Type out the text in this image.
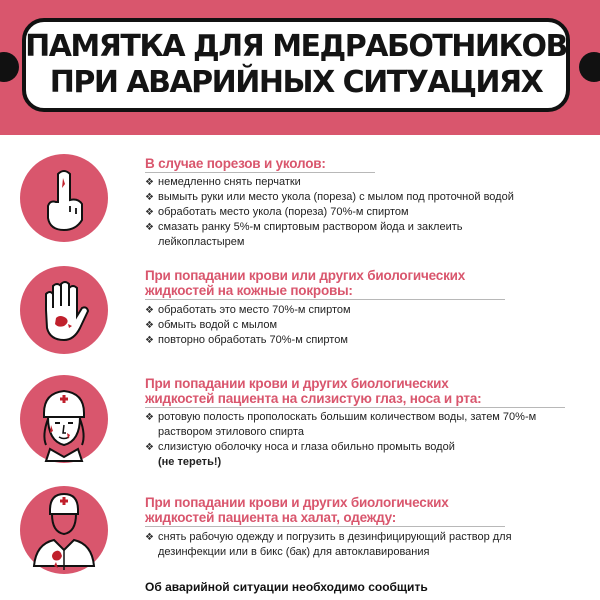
ПАМЯТКА ДЛЯ МЕДРАБОТНИКОВ
ПРИ АВАРИЙНЫХ СИТУАЦИЯХ
В случае порезов и уколов:
❖ немедленно снять перчатки
❖ вымыть руки или место укола (пореза) с мылом под проточной водой
❖ обработать место укола (пореза) 70%-м спиртом
❖ смазать ранку 5%-м спиртовым раствором йода и заклеить лейкопластырем
При попадании крови или других биологических
жидкостей на кожные покровы:
❖ обработать это место 70%-м спиртом
❖ обмыть водой с мылом
❖ повторно обработать 70%-м спиртом
При попадании крови и других биологических
жидкостей пациента на слизистую глаз, носа и рта:
❖ ротовую полость прополоскать большим количеством воды, затем 70%-м раствором этилового спирта
❖ слизистую оболочку носа и глаза обильно промыть водой
(не тереть!)
При попадании крови и других биологических
жидкостей пациента на халат, одежду:
❖ снять рабочую одежду и погрузить в дезинфицирующий раствор для дезинфекции или в бикс (бак) для автоклавирования
Об аварийной ситуации необходимо сообщить
